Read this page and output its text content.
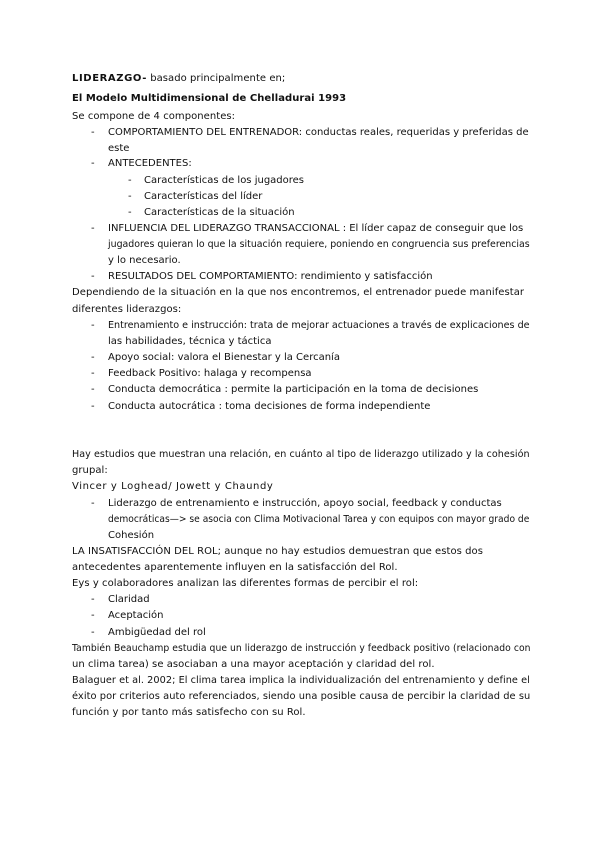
LIDERAZGO- basado principalmente en;
El Modelo Multidimensional de Chelladurai 1993
Se compone de 4 componentes:
- COMPORTAMIENTO DEL ENTRENADOR: conductas reales, requeridas y preferidas de
este
- ANTECEDENTES:
- Características de los jugadores
- Características del líder
- Características de la situación
- INFLUENCIA DEL LIDERAZGO TRANSACCIONAL : El líder capaz de conseguir que los
jugadores quieran lo que la situación requiere, poniendo en congruencia sus preferencias
y lo necesario.
- RESULTADOS DEL COMPORTAMIENTO: rendimiento y satisfacción
Dependiendo de la situación en la que nos encontremos, el entrenador puede manifestar
diferentes liderazgos:
- Entrenamiento e instrucción: trata de mejorar actuaciones a través de explicaciones de
las habilidades, técnica y táctica
- Apoyo social: valora el Bienestar y la Cercanía
- Feedback Positivo: halaga y recompensa
- Conducta democrática : permite la participación en la toma de decisiones
- Conducta autocrática : toma decisiones de forma independiente
Hay estudios que muestran una relación, en cuánto al tipo de liderazgo utilizado y la cohesión
grupal:
Vincer y Loghead/ Jowett y Chaundy
- Liderazgo de entrenamiento e instrucción, apoyo social, feedback y conductas
democráticas—> se asocia con Clima Motivacional Tarea y con equipos con mayor grado de
Cohesión
LA INSATISFACCIÓN DEL ROL; aunque no hay estudios demuestran que estos dos
antecedentes aparentemente influyen en la satisfacción del Rol.
Eys y colaboradores analizan las diferentes formas de percibir el rol:
- Claridad
- Aceptación
- Ambigüedad del rol
También Beauchamp estudia que un liderazgo de instrucción y feedback positivo (relacionado con
un clima tarea) se asociaban a una mayor aceptación y claridad del rol.
Balaguer et al. 2002; El clima tarea implica la individualización del entrenamiento y define el
éxito por criterios auto referenciados, siendo una posible causa de percibir la claridad de su
función y por tanto más satisfecho con su Rol.
